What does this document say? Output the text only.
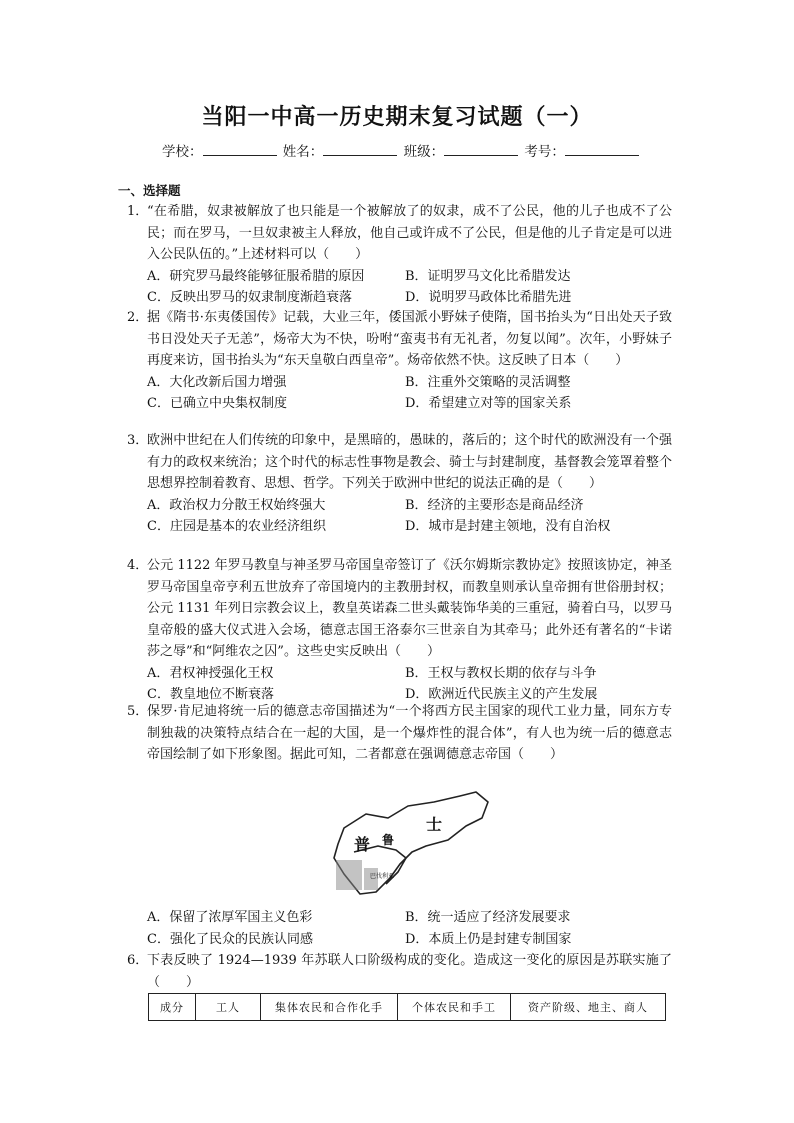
当阳一中高一历史期末复习试题（一）
学校：	姓名：	班级：	考号：
一、选择题
1．
“在希腊，奴隶被解放了也只能是一个被解放了的奴隶，成不了公民，他的儿子也成不了公民；而在罗马，一旦奴隶被主人释放，他自己或许成不了公民，但是他的儿子肯定是可以进入公民队伍的。”上述材料可以（　　）
A．研究罗马最终能够征服希腊的原因	B．证明罗马文化比希腊发达
C．反映出罗马的奴隶制度渐趋衰落	D．说明罗马政体比希腊先进
2．
据《隋书·东夷倭国传》记载，大业三年，倭国派小野妹子使隋，国书抬头为“日出处天子致书日没处天子无恙”，炀帝大为不快，吩咐“蛮夷书有无礼者，勿复以闻”。次年，小野妹子再度来访，国书抬头为“东天皇敬白西皇帝”。炀帝依然不快。这反映了日本（　　）
A．大化改新后国力增强	B．注重外交策略的灵活调整
C．已确立中央集权制度	D．希望建立对等的国家关系
3．
欧洲中世纪在人们传统的印象中，是黑暗的，愚昧的，落后的；这个时代的欧洲没有一个强有力的政权来统治；这个时代的标志性事物是教会、骑士与封建制度，基督教会笼罩着整个思想界控制着教育、思想、哲学。下列关于欧洲中世纪的说法正确的是（　　）
A．政治权力分散王权始终强大	B．经济的主要形态是商品经济
C．庄园是基本的农业经济组织	D．城市是封建主领地，没有自治权
4．
公元 1122 年罗马教皇与神圣罗马帝国皇帝签订了《沃尔姆斯宗教协定》按照该协定，神圣罗马帝国皇帝亨利五世放弃了帝国境内的主教册封权，而教皇则承认皇帝拥有世俗册封权；公元 1131 年列日宗教会议上，教皇英诺森二世头戴装饰华美的三重冠，骑着白马，以罗马皇帝般的盛大仪式进入会场，德意志国王洛泰尔三世亲自为其牵马；此外还有著名的“卡诺莎之辱”和“阿维农之囚”。这些史实反映出（　　）
A．君权神授强化王权	B．王权与教权长期的依存与斗争
C．教皇地位不断衰落	D．欧洲近代民族主义的产生发展
5．
保罗·肯尼迪将统一后的德意志帝国描述为“一个将西方民主国家的现代工业力量，同东方专制独裁的决策特点结合在一起的大国，是一个爆炸性的混合体”，有人也为统一后的德意志帝国绘制了如下形象图。据此可知，二者都意在强调德意志帝国（　　）
普 鲁
士
巴伐利亚
A．保留了浓厚军国主义色彩	B．统一适应了经济发展要求
C．强化了民众的民族认同感	D．本质上仍是封建专制国家
6．
下表反映了 1924—1939 年苏联人口阶级构成的变化。造成这一变化的原因是苏联实施了（　　）
成分	工人	集体农民和合作化手	个体农民和手工	资产阶级、地主、商人
